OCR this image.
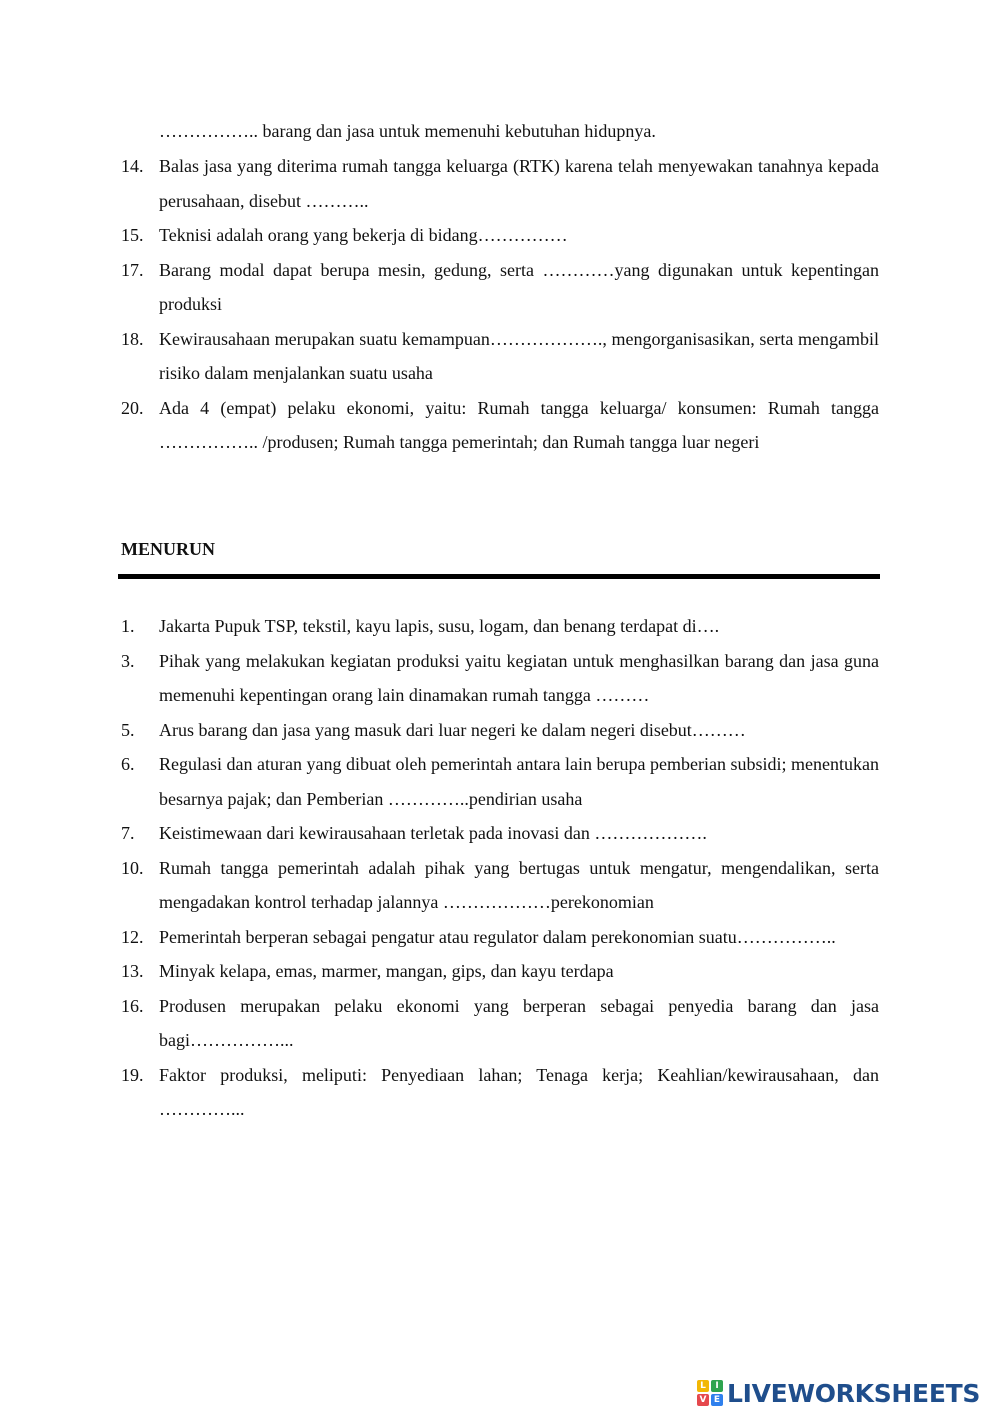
…………….. barang dan jasa untuk memenuhi kebutuhan hidupnya.
14. Balas jasa yang diterima rumah tangga keluarga (RTK) karena telah menyewakan tanahnya kepada perusahaan, disebut ………..
15. Teknisi adalah orang yang bekerja di bidang……………
17. Barang modal dapat berupa mesin, gedung, serta …………yang digunakan untuk kepentingan produksi
18. Kewirausahaan merupakan suatu kemampuan………………., mengorganisasikan, serta mengambil risiko dalam menjalankan suatu usaha
20. Ada 4 (empat) pelaku ekonomi, yaitu: Rumah tangga keluarga/ konsumen: Rumah tangga …………….. /produsen; Rumah tangga pemerintah; dan Rumah tangga luar negeri
MENURUN
1. Jakarta Pupuk TSP, tekstil, kayu lapis, susu, logam, dan benang terdapat di….
3. Pihak yang melakukan kegiatan produksi yaitu kegiatan untuk menghasilkan barang dan jasa guna memenuhi kepentingan orang lain dinamakan rumah tangga ………
5. Arus barang dan jasa yang masuk dari luar negeri ke dalam negeri disebut………
6. Regulasi dan aturan yang dibuat oleh pemerintah antara lain berupa pemberian subsidi; menentukan besarnya pajak; dan Pemberian …………..pendirian usaha
7. Keistimewaan dari kewirausahaan terletak pada inovasi dan ……………….
10. Rumah tangga pemerintah adalah pihak yang bertugas untuk mengatur, mengendalikan, serta mengadakan kontrol terhadap jalannya ………………perekonomian
12. Pemerintah berperan sebagai pengatur atau regulator dalam perekonomian suatu……………..
13. Minyak kelapa, emas, marmer, mangan, gips, dan kayu terdapa
16. Produsen merupakan pelaku ekonomi yang berperan sebagai penyedia barang dan jasa bagi……………...
19. Faktor produksi, meliputi: Penyediaan lahan; Tenaga kerja; Keahlian/kewirausahaan, dan …………...
L	I
V E LIVEWORKSHEETS
